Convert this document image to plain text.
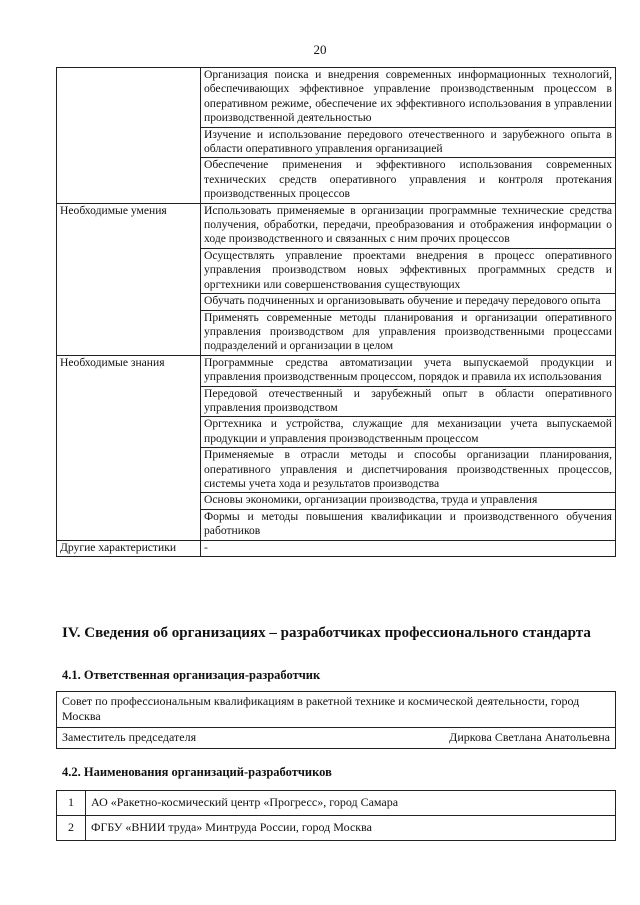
20
	Организация поиска и внедрения современных информационных технологий, обеспечивающих эффективное управление производственным процессом в оперативном режиме, обеспечение их эффективного использования в управлении производственной деятельностью
	Изучение и использование передового отечественного и зарубежного опыта в области оперативного управления организацией
	Обеспечение применения и эффективного использования современных технических средств оперативного управления и контроля протекания производственных процессов
Необходимые умения	Использовать применяемые в организации программные технические средства получения, обработки, передачи, преобразования и отображения информации о ходе производственного и связанных с ним прочих процессов
	Осуществлять управление проектами внедрения в процесс оперативного управления производством новых эффективных программных средств и оргтехники или совершенствования существующих
	Обучать подчиненных и организовывать обучение и передачу передового опыта
	Применять современные методы планирования и организации оперативного управления производством для управления производственными процессами подразделений и организации в целом
Необходимые знания	Программные средства автоматизации учета выпускаемой продукции и управления производственным процессом, порядок и правила их использования
	Передовой отечественный и зарубежный опыт в области оперативного управления производством
	Оргтехника и устройства, служащие для механизации учета выпускаемой продукции и управления производственным процессом
	Применяемые в отрасли методы и способы организации планирования, оперативного управления и диспетчирования производственных процессов, системы учета хода и результатов производства
	Основы экономики, организации производства, труда и управления
	Формы и методы повышения квалификации и производственного обучения работников
Другие характеристики	-
IV. Сведения об организациях – разработчиках профессионального стандарта
4.1. Ответственная организация-разработчик
Совет по профессиональным квалификациям в ракетной технике и космической деятельности, город Москва

Заместитель председателя	Диркова Светлана Анатольевна
4.2. Наименования организаций-разработчиков
1	АО «Ракетно-космический центр «Прогресс», город Самара
2	ФГБУ «ВНИИ труда» Минтруда России, город Москва
